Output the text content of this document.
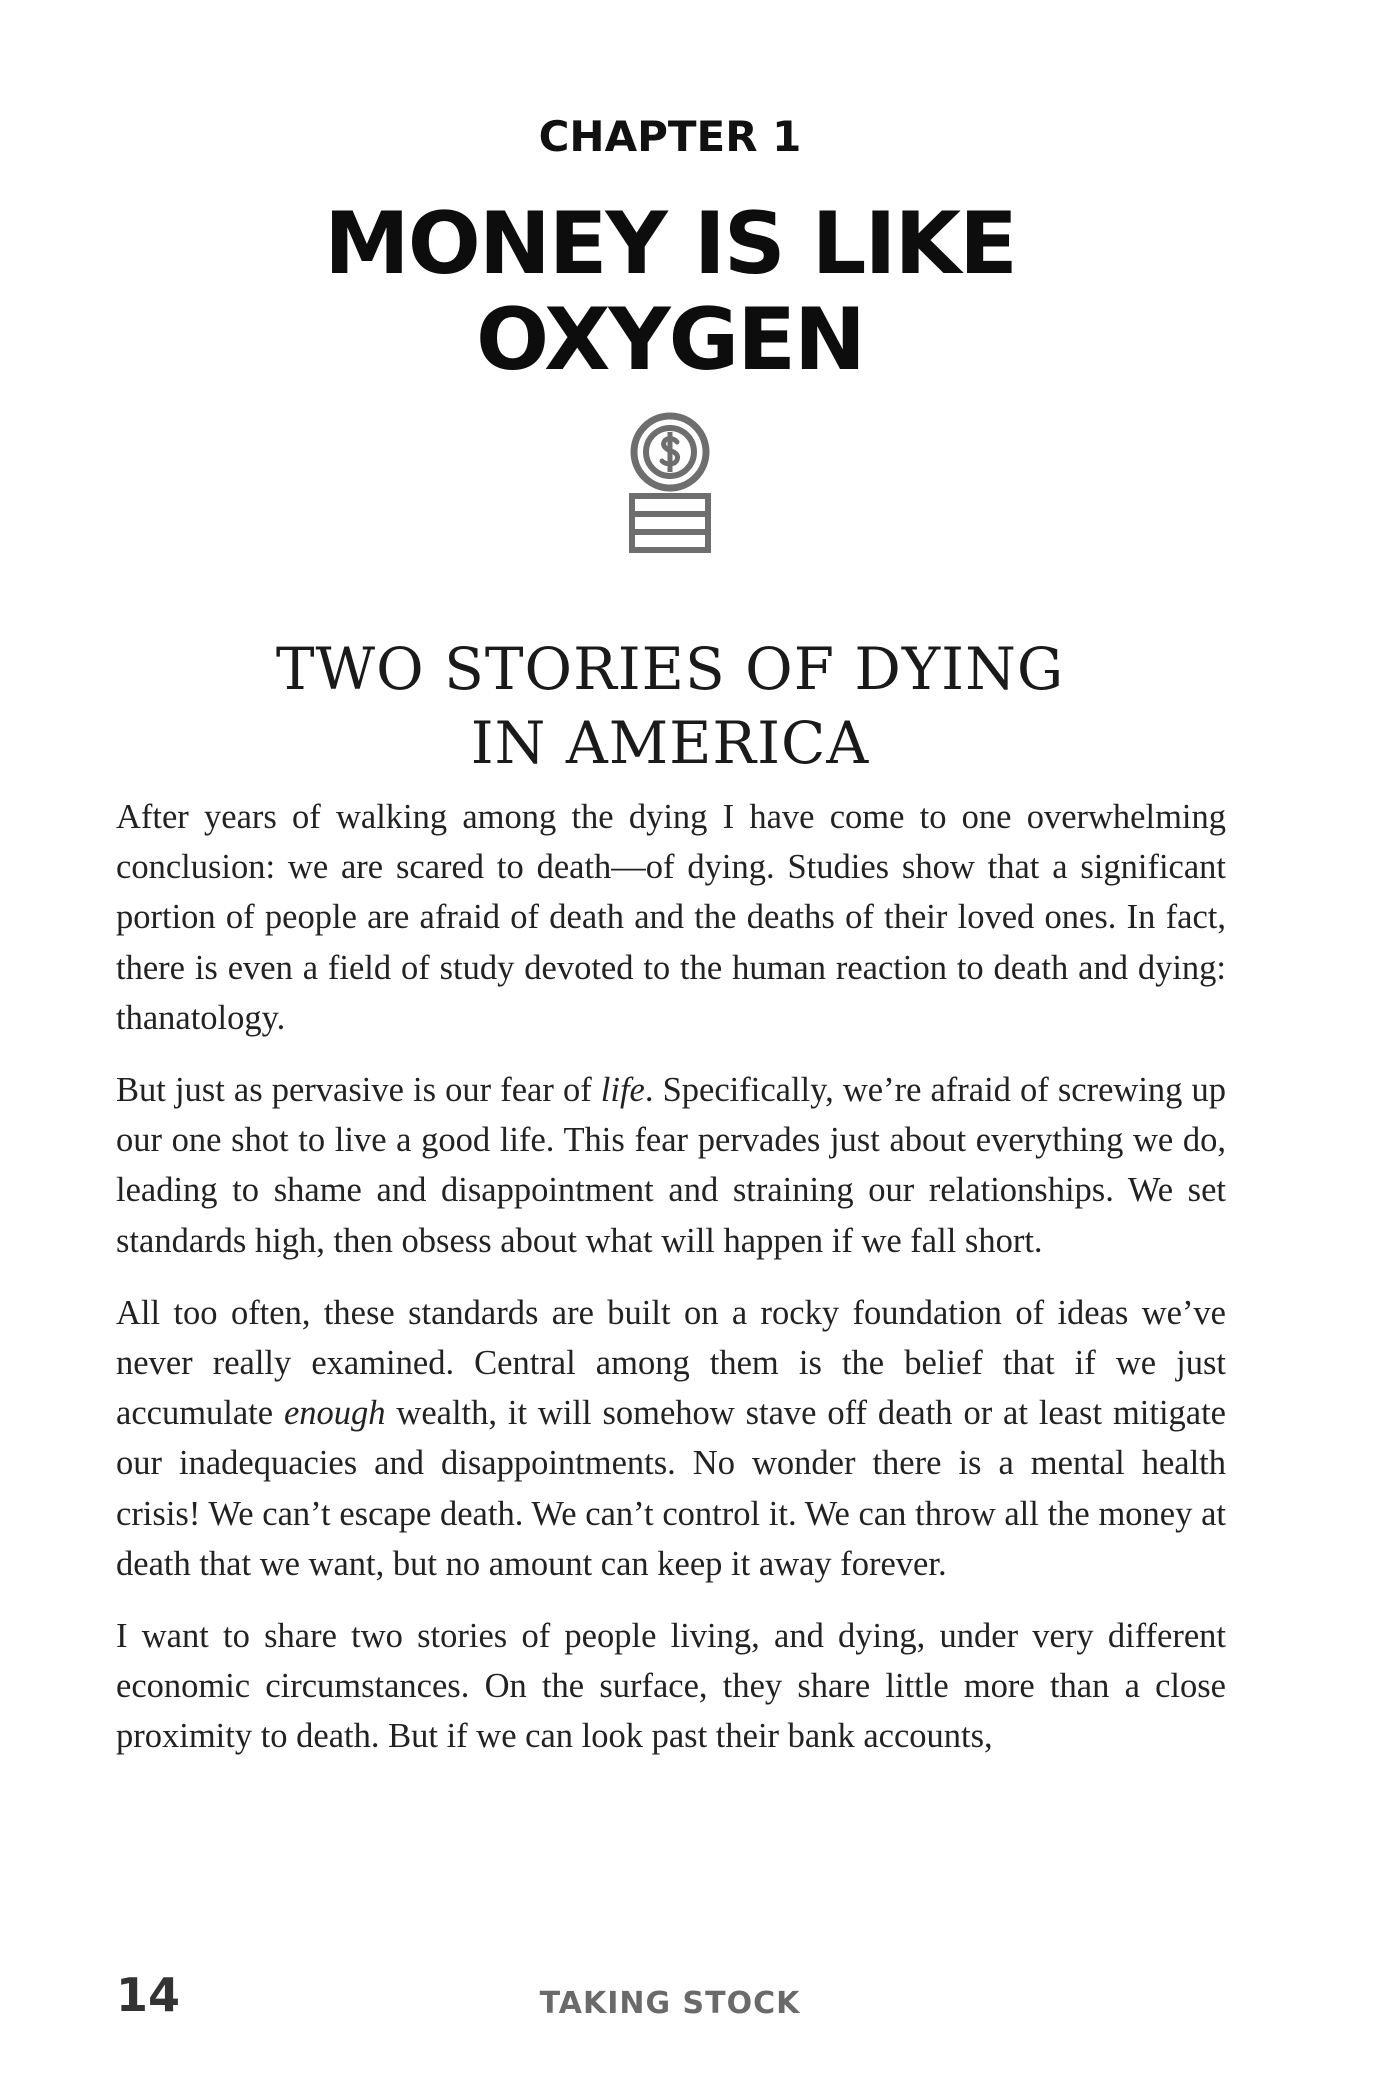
CHAPTER 1
MONEY IS LIKE
OXYGEN
TWO STORIES OF DYING
IN AMERICA

After years of walking among the dying I have come to one overwhelming conclusion: we are scared to death—of dying. Studies show that a significant portion of people are afraid of death and the deaths of their loved ones. In fact, there is even a field of study devoted to the human reaction to death and dying: thanatology.

But just as pervasive is our fear of life. Specifically, we’re afraid of screwing up our one shot to live a good life. This fear pervades just about everything we do, leading to shame and disappointment and straining our relationships. We set standards high, then obsess about what will happen if we fall short.

All too often, these standards are built on a rocky foundation of ideas we’ve never really examined. Central among them is the belief that if we just accumulate enough wealth, it will somehow stave off death or at least mitigate our inadequacies and disappointments. No wonder there is a mental health crisis! We can’t escape death. We can’t control it. We can throw all the money at death that we want, but no amount can keep it away forever.

I want to share two stories of people living, and dying, under very different economic circumstances. On the surface, they share little more than a close proximity to death. But if we can look past their bank accounts,

14	TAKING STOCK
